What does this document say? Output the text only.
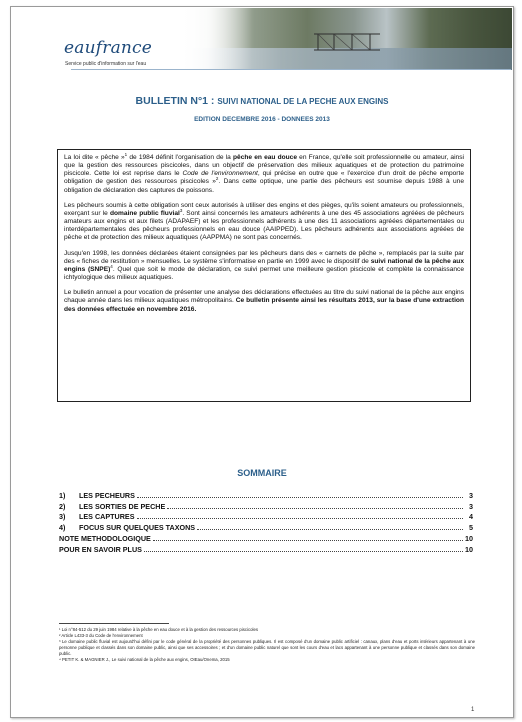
eaufrance
Service public d'information sur l'eau
BULLETIN N°1 : SUIVI NATIONAL DE LA PECHE AUX ENGINS
EDITION DECEMBRE 2016 - DONNEES 2013

La loi dite « pêche »$^1$ de 1984 définit l'organisation de la pêche en eau douce en France, qu'elle soit professionnelle ou amateur, ainsi que la gestion des ressources piscicoles, dans un objectif de préservation des milieux aquatiques et de protection du patrimoine piscicole. Cette loi est reprise dans le Code de l'environnement, qui précise en outre que « l'exercice d'un droit de pêche emporte obligation de gestion des ressources piscicoles »$^2$. Dans cette optique, une partie des pêcheurs est soumise depuis 1988 à une obligation de déclaration des captures de poissons.

Les pêcheurs soumis à cette obligation sont ceux autorisés à utiliser des engins et des pièges, qu'ils soient amateurs ou professionnels, exerçant sur le domaine public fluvial$^3$. Sont ainsi concernés les amateurs adhérents à une des 45 associations agréées de pêcheurs amateurs aux engins et aux filets (ADAPAEF) et les professionnels adhérents à une des 11 associations agréées départementales ou interdépartementales des pêcheurs professionnels en eau douce (AAIPPED). Les pêcheurs adhérents aux associations agréées de pêche et de protection des milieux aquatiques (AAPPMA) ne sont pas concernés.

Jusqu'en 1998, les données déclarées étaient consignées par les pêcheurs dans des « carnets de pêche », remplacés par la suite par des « fiches de restitution » mensuelles. Le système s'informatise en partie en 1999 avec le dispositif de suivi national de la pêche aux engins (SNPE)$^4$. Quel que soit le mode de déclaration, ce suivi permet une meilleure gestion piscicole et complète la connaissance ichtyologique des milieux aquatiques.

Le bulletin annuel a pour vocation de présenter une analyse des déclarations effectuées au titre du suivi national de la pêche aux engins chaque année dans les milieux aquatiques métropolitains. Ce bulletin présente ainsi les résultats 2013, sur la base d'une extraction des données effectuée en novembre 2016.

SOMMAIRE
1)	LES PECHEURS	3
2)	LES SORTIES DE PECHE	3
3)	LES CAPTURES	4
4)	FOCUS SUR QUELQUES TAXONS	5
NOTE METHODOLOGIQUE	10
POUR EN SAVOIR PLUS	10
¹ Loi n°84-512 du 29 juin 1984 relative à la pêche en eau douce et à la gestion des ressources piscicoles
² Article L433-3 du Code de l'environnement
³ Le domaine public fluvial est aujourd'hui défini par le code général de la propriété des personnes publiques. Il est composé d'un domaine public artificiel : canaux, plans d'eau et ports intérieurs appartenant à une personne publique et classés dans son domaine public, ainsi que ses accessoires ; et d'un domaine public naturel que sont les cours d'eau et lacs appartenant à une personne publique et classés dans son domaine public.
⁴ PETIT K. & MAGNIER J., Le suivi national de la pêche aux engins, OIEau/Onema, 2015
1
